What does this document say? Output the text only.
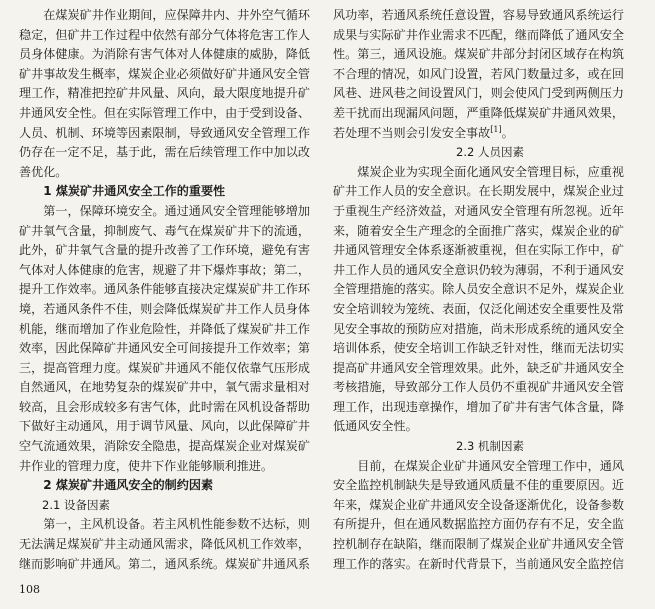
在煤炭矿井作业期间，应保障井内、井外空气循环稳定，但矿井工作过程中依然有部分气体将危害工作人员身体健康。为消除有害气体对人体健康的威胁，降低矿井事故发生概率，煤炭企业必须做好矿井通风安全管理工作，精准把控矿井风量、风向，最大限度地提升矿井通风安全性。但在实际管理工作中，由于受到设备、人员、机制、环境等因素限制，导致通风安全管理工作仍存在一定不足，基于此，需在后续管理工作中加以改善优化。

1 煤炭矿井通风安全工作的重要性

第一，保障环境安全。通过通风安全管理能够增加矿井氧气含量，抑制废气、毒气在煤炭矿井下的流通，此外，矿井氧气含量的提升改善了工作环境，避免有害气体对人体健康的危害，规避了井下爆炸事故；第二，提升工作效率。通风条件能够直接决定煤炭矿井工作环境，若通风条件不佳，则会降低煤炭矿井工作人员身体机能，继而增加了作业危险性，并降低了煤炭矿井工作效率，因此保障矿井通风安全可间接提升工作效率；第三，提高管理力度。煤炭矿井通风不能仅依靠气压形成自然通风，在地势复杂的煤炭矿井中，氧气需求量相对较高，且会形成较多有害气体，此时需在风机设备帮助下做好主动通风，用于调节风量、风向，以此保障矿井空气流通效果，消除安全隐患，提高煤炭企业对煤炭矿井作业的管理力度，使井下作业能够顺利推进。

2 煤炭矿井通风安全的制约因素

2.1 设备因素

第一，主风机设备。若主风机性能参数不达标，则无法满足煤炭矿井主动通风需求，降低风机工作效率，继而影响矿井通风。第二，通风系统。煤炭矿井通风系

风功率，若通风系统任意设置，容易导致通风系统运行成果与实际矿井作业需求不匹配，继而降低了通风安全性。第三，通风设施。煤炭矿井部分封闭区域存在构筑不合理的情况，如风门设置，若风门数量过多，或在回风巷、进风巷之间设置风门，则会使风门受到两侧压力差干扰而出现漏风问题，严重降低煤炭矿井通风效果，若处理不当则会引发安全事故[1]。

2.2 人员因素

煤炭企业为实现全面化通风安全管理目标，应重视矿井工作人员的安全意识。在长期发展中，煤炭企业过于重视生产经济效益，对通风安全管理有所忽视。近年来，随着安全生产理念的全面推广落实，煤炭企业的矿井通风管理安全体系逐渐被重视，但在实际工作中，矿井工作人员的通风安全意识仍较为薄弱，不利于通风安全管理措施的落实。除人员安全意识不足外，煤炭企业安全培训较为笼统、表面，仅泛化阐述安全重要性及常见安全事故的预防应对措施，尚未形成系统的通风安全培训体系，使安全培训工作缺乏针对性，继而无法切实提高矿井通风安全管理效果。此外，缺乏矿井通风安全考核措施，导致部分工作人员仍不重视矿井通风安全管理工作，出现违章操作，增加了矿井有害气体含量，降低通风安全性。

2.3 机制因素

目前，在煤炭企业矿井通风安全管理工作中，通风安全监控机制缺失是导致通风质量不佳的重要原因。近年来，煤炭企业矿井通风安全设备逐渐优化，设备参数有所提升，但在通风数据监控方面仍存有不足，安全监控机制存在缺陷，继而限制了煤炭企业矿井通风安全管理工作的落实。在新时代背景下，当前通风安全监控信

108
